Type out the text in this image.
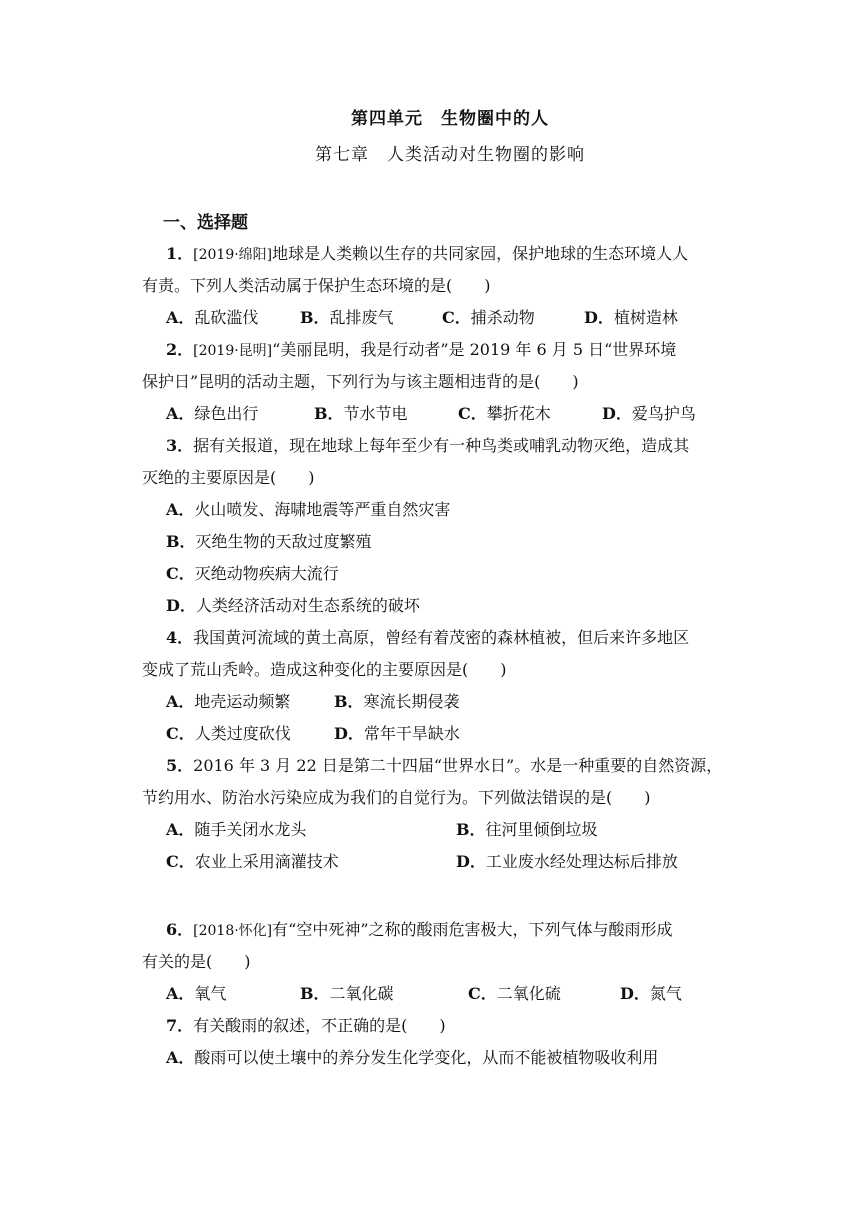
第四单元　生物圈中的人
第七章　人类活动对生物圈的影响
一、选择题
1．[2019·绵阳]地球是人类赖以生存的共同家园，保护地球的生态环境人人
有责。下列人类活动属于保护生态环境的是(　　)
A．乱砍滥伐	B．乱排废气	C．捕杀动物	D．植树造林
2．[2019·昆明]“美丽昆明，我是行动者”是 2019 年 6 月 5 日“世界环境
保护日”昆明的活动主题，下列行为与该主题相违背的是(　　)
A．绿色出行	B．节水节电	C．攀折花木	D．爱鸟护鸟
3．据有关报道，现在地球上每年至少有一种鸟类或哺乳动物灭绝，造成其
灭绝的主要原因是(　　)
A．火山喷发、海啸地震等严重自然灾害
B．灭绝生物的天敌过度繁殖
C．灭绝动物疾病大流行
D．人类经济活动对生态系统的破坏
4．我国黄河流域的黄土高原，曾经有着茂密的森林植被，但后来许多地区
变成了荒山秃岭。造成这种变化的主要原因是(　　)
A．地壳运动频繁	B．寒流长期侵袭
C．人类过度砍伐	D．常年干旱缺水
5．2016 年 3 月 22 日是第二十四届“世界水日”。水是一种重要的自然资源，
节约用水、防治水污染应成为我们的自觉行为。下列做法错误的是(　　)
A．随手关闭水龙头	B．往河里倾倒垃圾
C．农业上采用滴灌技术	D．工业废水经处理达标后排放
6．[2018·怀化]有“空中死神”之称的酸雨危害极大，下列气体与酸雨形成
有关的是(　　)
A．氧气	B．二氧化碳	C．二氧化硫	D．氮气
7．有关酸雨的叙述，不正确的是(　　)
A．酸雨可以使土壤中的养分发生化学变化，从而不能被植物吸收利用
